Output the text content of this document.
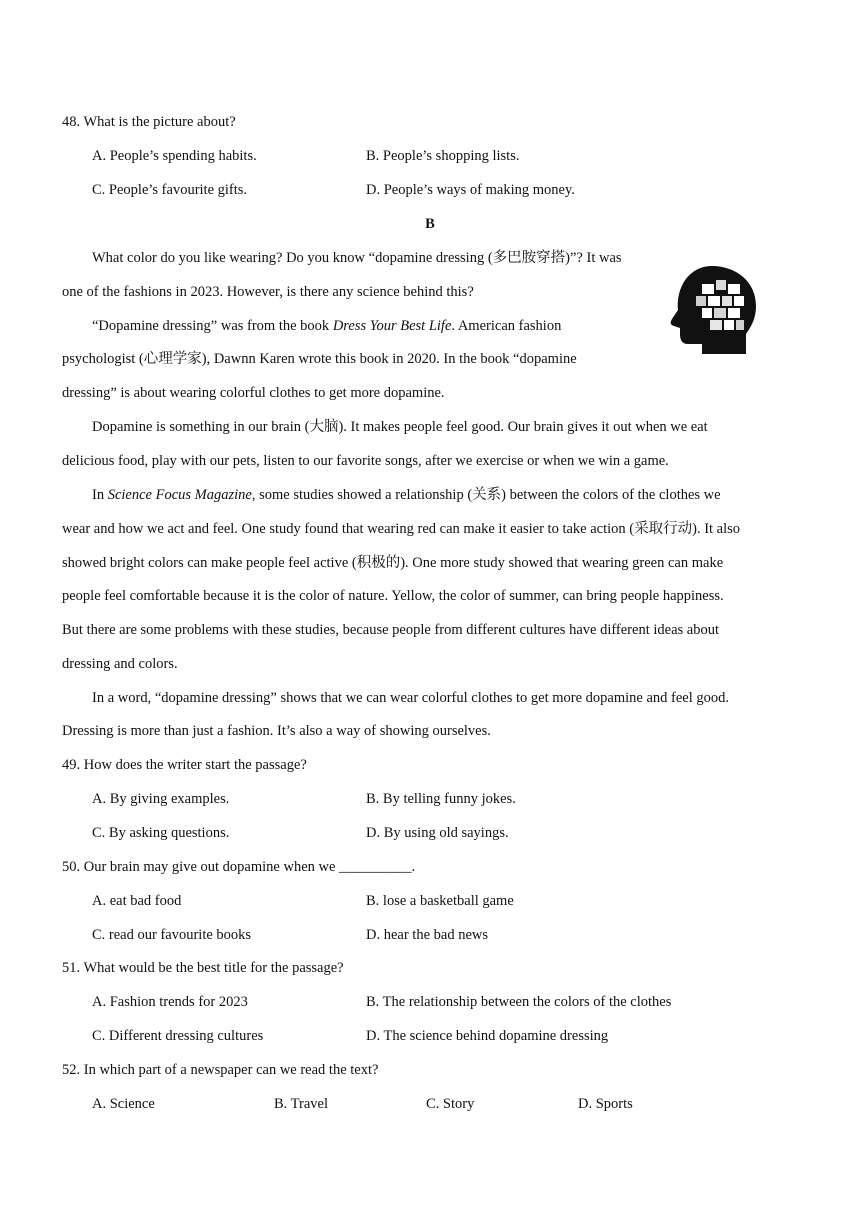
48. What is the picture about?
A. People’s spending habits.	B. People’s shopping lists.
C. People’s favourite gifts.	D. People’s ways of making money.
B
What color do you like wearing? Do you know “dopamine dressing (多巴胺穿搭)”? It was
one of the fashions in 2023. However, is there any science behind this?
“Dopamine dressing” was from the book Dress Your Best Life. American fashion
psychologist (心理学家), Dawnn Karen wrote this book in 2020. In the book “dopamine
dressing” is about wearing colorful clothes to get more dopamine.
Dopamine is something in our brain (大脑). It makes people feel good. Our brain gives it out when we eat
delicious food, play with our pets, listen to our favorite songs, after we exercise or when we win a game.
In Science Focus Magazine, some studies showed a relationship (关系) between the colors of the clothes we
wear and how we act and feel. One study found that wearing red can make it easier to take action (采取行动). It also
showed bright colors can make people feel active (积极的). One more study showed that wearing green can make
people feel comfortable because it is the color of nature. Yellow, the color of summer, can bring people happiness.
But there are some problems with these studies, because people from different cultures have different ideas about
dressing and colors.
In a word, “dopamine dressing” shows that we can wear colorful clothes to get more dopamine and feel good.
Dressing is more than just a fashion. It’s also a way of showing ourselves.
49. How does the writer start the passage?
A. By giving examples.	B. By telling funny jokes.
C. By asking questions.	D. By using old sayings.
50. Our brain may give out dopamine when we __________.
A. eat bad food	B. lose a basketball game
C. read our favourite books	D. hear the bad news
51. What would be the best title for the passage?
A. Fashion trends for 2023	B. The relationship between the colors of the clothes
C. Different dressing cultures	D. The science behind dopamine dressing
52. In which part of a newspaper can we read the text?
A. Science	B. Travel	C. Story	D. Sports
